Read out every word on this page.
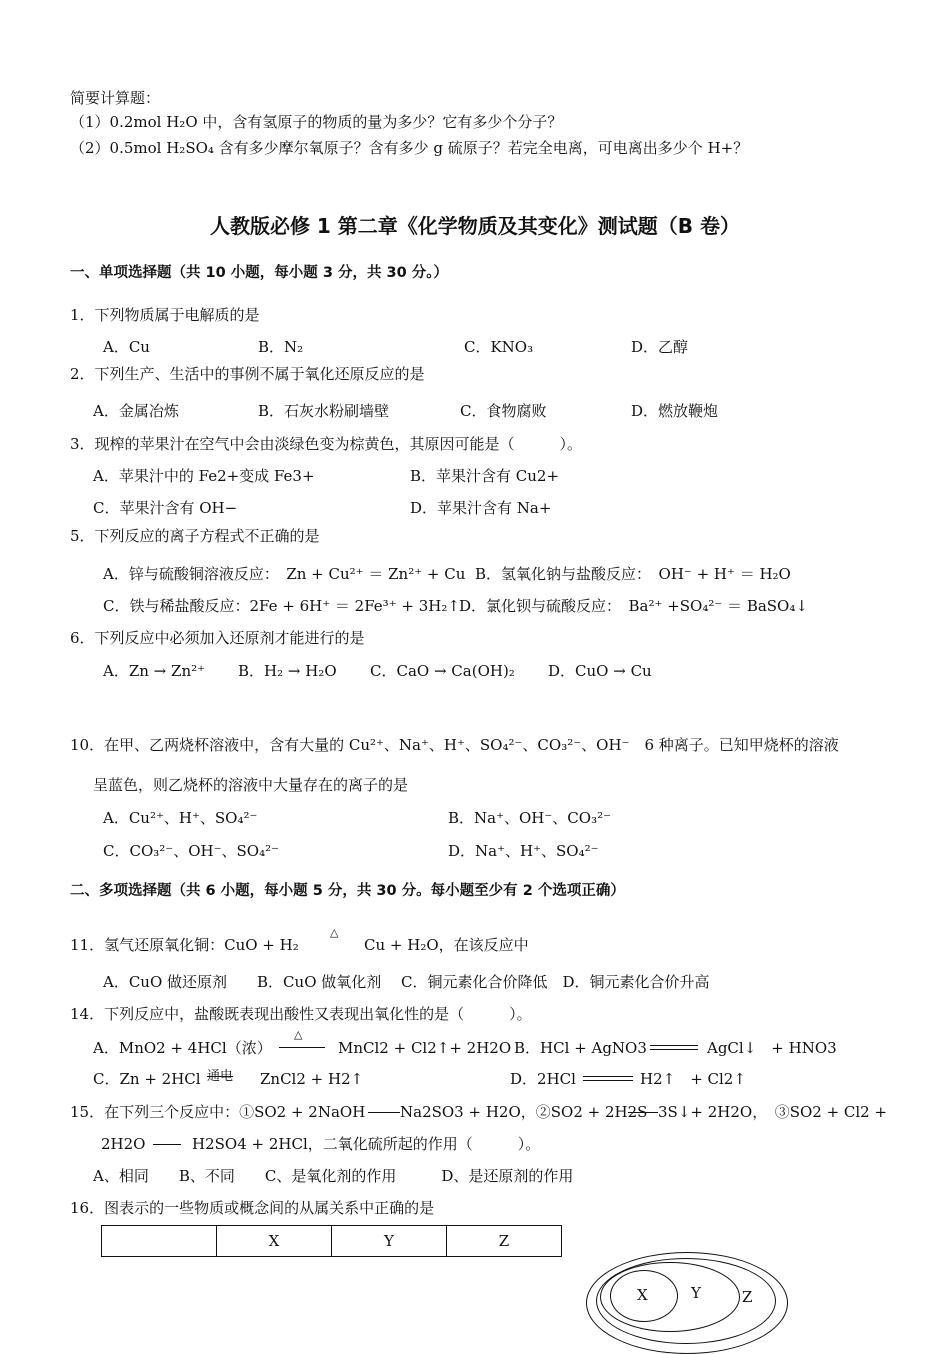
简要计算题：
（1）0.2mol H₂O 中，含有氢原子的物质的量为多少？它有多少个分子？
（2）0.5mol H₂SO₄ 含有多少摩尔氧原子？含有多少 g 硫原子？若完全电离，可电离出多少个 H+？
人教版必修 1 第二章《化学物质及其变化》测试题（B 卷）
一、单项选择题（共 10 小题，每小题 3 分，共 30 分。）
1．下列物质属于电解质的是
A．Cu	B．N₂	C．KNO₃	D．乙醇
2．下列生产、生活中的事例不属于氧化还原反应的是
A．金属冶炼	B．石灰水粉刷墙壁	C．食物腐败	D．燃放鞭炮
3．现榨的苹果汁在空气中会由淡绿色变为棕黄色，其原因可能是（　　　）。
A．苹果汁中的 Fe2+变成 Fe3+	B．苹果汁含有 Cu2+
C．苹果汁含有 OH−	D．苹果汁含有 Na+
5．下列反应的离子方程式不正确的是
A．锌与硫酸铜溶液反应：　Zn + Cu²⁺ ＝ Zn²⁺ + Cu B．氢氧化钠与盐酸反应：　OH⁻ + H⁺ ＝ H₂O
C．铁与稀盐酸反应：2Fe + 6H⁺ ＝ 2Fe³⁺ + 3H₂↑ D．氯化钡与硫酸反应：　Ba²⁺ +SO₄²⁻ ＝ BaSO₄↓
6．下列反应中必须加入还原剂才能进行的是
A．Zn → Zn²⁺ B．H₂ → H₂O C．CaO → Ca(OH)₂ D．CuO → Cu
10．在甲、乙两烧杯溶液中，含有大量的 Cu²⁺、Na⁺、H⁺、SO₄²⁻、CO₃²⁻、OH⁻　6 种离子。已知甲烧杯的溶液
呈蓝色，则乙烧杯的溶液中大量存在的离子的是
A．Cu²⁺、H⁺、SO₄²⁻	B．Na⁺、OH⁻、CO₃²⁻
C．CO₃²⁻、OH⁻、SO₄²⁻	D．Na⁺、H⁺、SO₄²⁻
二、多项选择题（共 6 小题，每小题 5 分，共 30 分。每小题至少有 2 个选项正确）
11．氢气还原氧化铜：CuO + H₂
△
Cu + H₂O，在该反应中
A．CuO 做还原剂　　B．CuO 做氧化剂　 C．铜元素化合价降低　D．铜元素化合价升高
14．下列反应中，盐酸既表现出酸性又表现出氧化性的是（　　　）。
A．MnO2 + 4HCl（浓）
△
MnCl2 + Cl2↑+ 2H2O B．HCl + AgNO3	AgCl↓　+ HNO3
C．Zn + 2HCl 通电 ZnCl2 + H2↑	D．2HCl	H2↑　+ Cl2↑
15．在下列三个反应中：①SO2 + 2NaOH Na2SO3 + H2O，②SO2 + 2H2S 3S↓+ 2H2O，　③SO2 + Cl2 +
2H2O	H2SO4 + 2HCl，二氧化硫所起的作用（　　　）。
A、相同　　B、不同　　C、是氧化剂的作用　　　D、是还原剂的作用
16．图表示的一些物质或概念间的从属关系中正确的是
	X	Y	Z
X	Y	Z
